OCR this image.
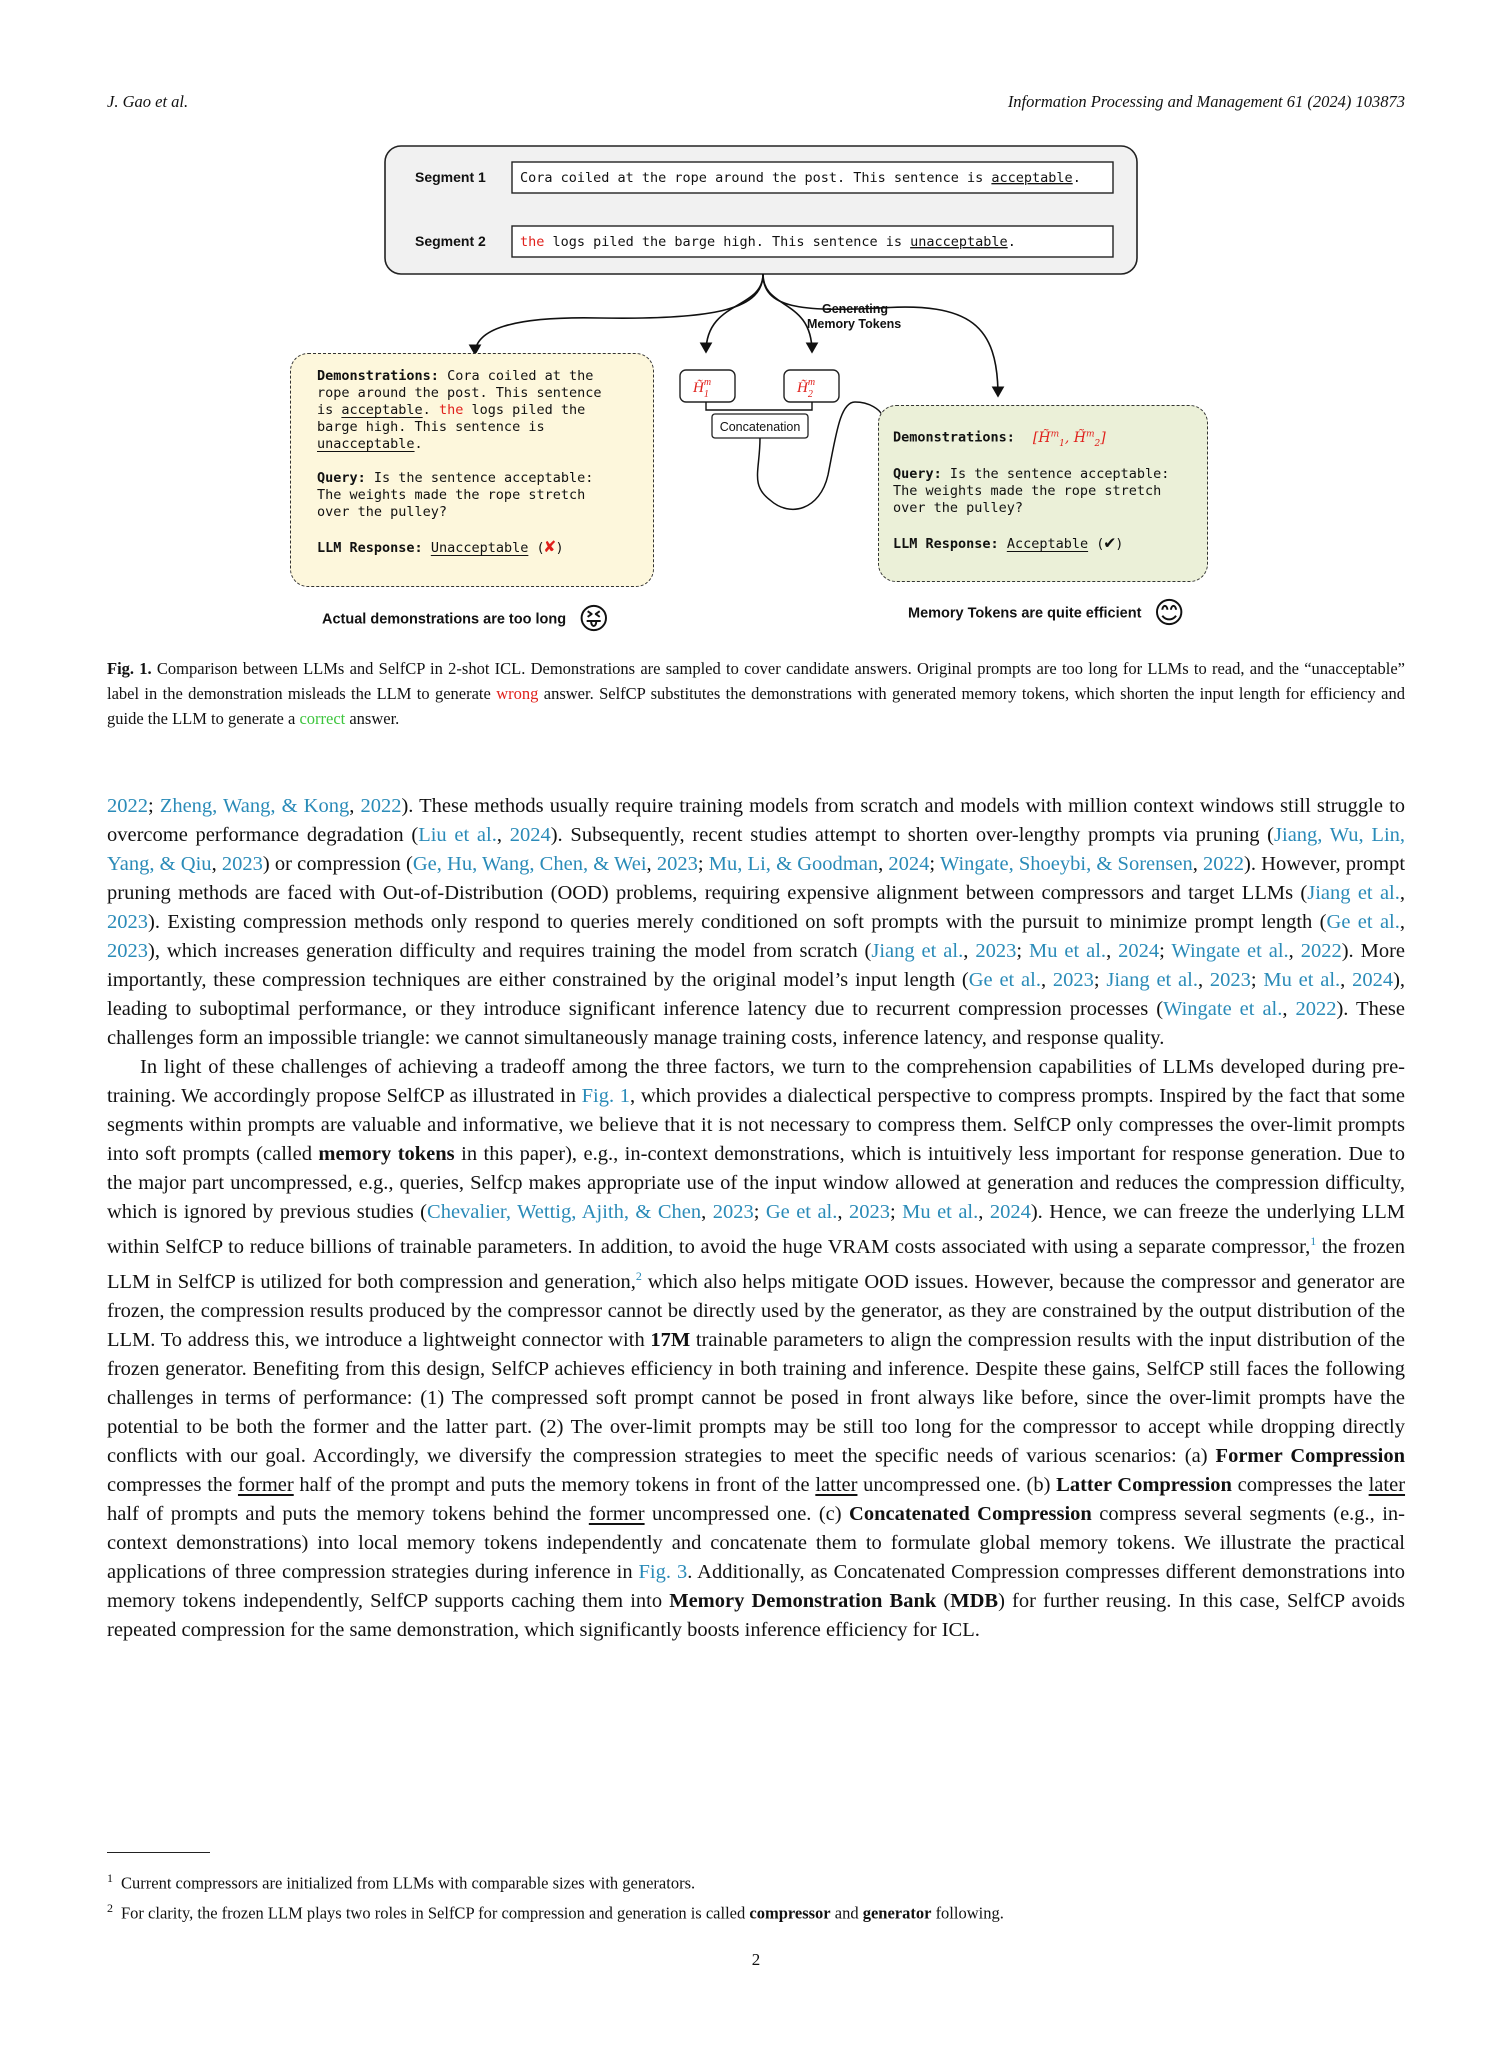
J. Gao et al.	Information Processing and Management 61 (2024) 103873
Segment 1	Cora coiled at the rope around the post. This sentence is acceptable.
Segment 2	the logs piled the barge high. This sentence is unacceptable.
Generating Memory Tokens
$H̃_1m$	$H̃_2m$
Concatenation
Demonstrations: Cora coiled at the
rope around the post. This sentence
is acceptable. the logs piled the
barge high. This sentence is
unacceptable.
Query: Is the sentence acceptable:
The weights made the rope stretch
over the pulley?
LLM Response: Unacceptable (✘)
Demonstrations: [H̃$^m_1$, H̃$^m_2$]
Query: Is the sentence acceptable:
The weights made the rope stretch
over the pulley?
LLM Response: Acceptable (✔)
Actual demonstrations are too long 😝	Memory Tokens are quite efficient 😊
Fig. 1. Comparison between LLMs and SelfCP in 2-shot ICL. Demonstrations are sampled to cover candidate answers. Original prompts are too long for LLMs to read, and the “unacceptable” label in the demonstration misleads the LLM to generate wrong answer. SelfCP substitutes the demonstrations with generated memory tokens, which shorten the input length for efficiency and guide the LLM to generate a correct answer.

2022; Zheng, Wang, & Kong, 2022). These methods usually require training models from scratch and models with million context windows still struggle to overcome performance degradation (Liu et al., 2024). Subsequently, recent studies attempt to shorten over-lengthy prompts via pruning (Jiang, Wu, Lin, Yang, & Qiu, 2023) or compression (Ge, Hu, Wang, Chen, & Wei, 2023; Mu, Li, & Goodman, 2024; Wingate, Shoeybi, & Sorensen, 2022). However, prompt pruning methods are faced with Out-of-Distribution (OOD) problems, requiring expensive alignment between compressors and target LLMs (Jiang et al., 2023). Existing compression methods only respond to queries merely conditioned on soft prompts with the pursuit to minimize prompt length (Ge et al., 2023), which increases generation difficulty and requires training the model from scratch (Jiang et al., 2023; Mu et al., 2024; Wingate et al., 2022). More importantly, these compression techniques are either constrained by the original model’s input length (Ge et al., 2023; Jiang et al., 2023; Mu et al., 2024), leading to suboptimal performance, or they introduce significant inference latency due to recurrent compression processes (Wingate et al., 2022). These challenges form an impossible triangle: we cannot simultaneously manage training costs, inference latency, and response quality.

In light of these challenges of achieving a tradeoff among the three factors, we turn to the comprehension capabilities of LLMs developed during pre-training. We accordingly propose SelfCP as illustrated in Fig. 1, which provides a dialectical perspective to compress prompts. Inspired by the fact that some segments within prompts are valuable and informative, we believe that it is not necessary to compress them. SelfCP only compresses the over-limit prompts into soft prompts (called memory tokens in this paper), e.g., in-context demonstrations, which is intuitively less important for response generation. Due to the major part uncompressed, e.g., queries, Selfcp makes appropriate use of the input window allowed at generation and reduces the compression difficulty, which is ignored by previous studies (Chevalier, Wettig, Ajith, & Chen, 2023; Ge et al., 2023; Mu et al., 2024). Hence, we can freeze the underlying LLM within SelfCP to reduce billions of trainable parameters. In addition, to avoid the huge VRAM costs associated with using a separate compressor,$^1$ the frozen LLM in SelfCP is utilized for both compression and generation,$^2$ which also helps mitigate OOD issues. However, because the compressor and generator are frozen, the compression results produced by the compressor cannot be directly used by the generator, as they are constrained by the output distribution of the LLM. To address this, we introduce a lightweight connector with 17M trainable parameters to align the compression results with the input distribution of the frozen generator. Benefiting from this design, SelfCP achieves efficiency in both training and inference. Despite these gains, SelfCP still faces the following challenges in terms of performance: (1) The compressed soft prompt cannot be posed in front always like before, since the over-limit prompts have the potential to be both the former and the latter part. (2) The over-limit prompts may be still too long for the compressor to accept while dropping directly conflicts with our goal. Accordingly, we diversify the compression strategies to meet the specific needs of various scenarios: (a) Former Compression compresses the former half of the prompt and puts the memory tokens in front of the latter uncompressed one. (b) Latter Compression compresses the later half of prompts and puts the memory tokens behind the former uncompressed one. (c) Concatenated Compression compress several segments (e.g., in-context demonstrations) into local memory tokens independently and concatenate them to formulate global memory tokens. We illustrate the practical applications of three compression strategies during inference in Fig. 3. Additionally, as Concatenated Compression compresses different demonstrations into memory tokens independently, SelfCP supports caching them into Memory Demonstration Bank (MDB) for further reusing. In this case, SelfCP avoids repeated compression for the same demonstration, which significantly boosts inference efficiency for ICL.

$^1$ Current compressors are initialized from LLMs with comparable sizes with generators.
$^2$ For clarity, the frozen LLM plays two roles in SelfCP for compression and generation is called compressor and generator following.
2
